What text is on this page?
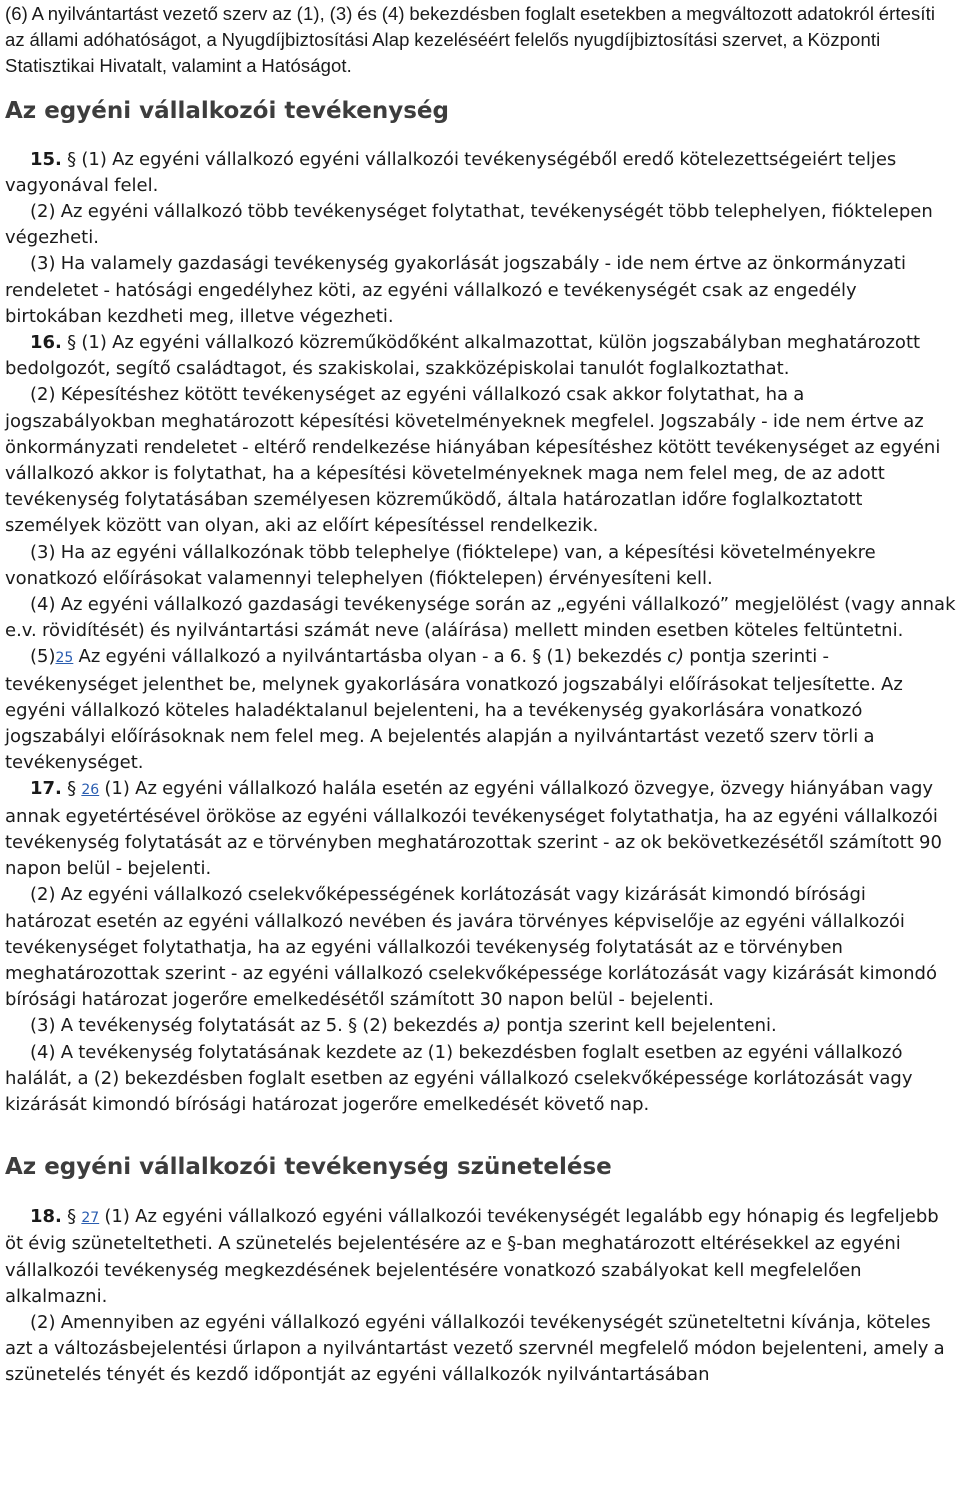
(6) A nyilvántartást vezető szerv az (1), (3) és (4) bekezdésben foglalt esetekben a megváltozott adatokról értesíti az állami adóhatóságot, a Nyugdíjbiztosítási Alap kezeléséért felelős nyugdíjbiztosítási szervet, a Központi Statisztikai Hivatalt, valamint a Hatóságot.

Az egyéni vállalkozói tevékenység

15. § (1) Az egyéni vállalkozó egyéni vállalkozói tevékenységéből eredő kötelezettségeiért teljes vagyonával felel.

(2) Az egyéni vállalkozó több tevékenységet folytathat, tevékenységét több telephelyen, fióktelepen végezheti.

(3) Ha valamely gazdasági tevékenység gyakorlását jogszabály - ide nem értve az önkormányzati rendeletet - hatósági engedélyhez köti, az egyéni vállalkozó e tevékenységét csak az engedély birtokában kezdheti meg, illetve végezheti.

16. § (1) Az egyéni vállalkozó közreműködőként alkalmazottat, külön jogszabályban meghatározott bedolgozót, segítő családtagot, és szakiskolai, szakközépiskolai tanulót foglalkoztathat.

(2) Képesítéshez kötött tevékenységet az egyéni vállalkozó csak akkor folytathat, ha a jogszabályokban meghatározott képesítési követelményeknek megfelel. Jogszabály - ide nem értve az önkormányzati rendeletet - eltérő rendelkezése hiányában képesítéshez kötött tevékenységet az egyéni vállalkozó akkor is folytathat, ha a képesítési követelményeknek maga nem felel meg, de az adott tevékenység folytatásában személyesen közreműködő, általa határozatlan időre foglalkoztatott személyek között van olyan, aki az előírt képesítéssel rendelkezik.

(3) Ha az egyéni vállalkozónak több telephelye (fióktelepe) van, a képesítési követelményekre vonatkozó előírásokat valamennyi telephelyen (fióktelepen) érvényesíteni kell.

(4) Az egyéni vállalkozó gazdasági tevékenysége során az „egyéni vállalkozó” megjelölést (vagy annak e.v. rövidítését) és nyilvántartási számát neve (aláírása) mellett minden esetben köteles feltüntetni.

(5)25 Az egyéni vállalkozó a nyilvántartásba olyan - a 6. § (1) bekezdés c) pontja szerinti - tevékenységet jelenthet be, melynek gyakorlására vonatkozó jogszabályi előírásokat teljesítette. Az egyéni vállalkozó köteles haladéktalanul bejelenteni, ha a tevékenység gyakorlására vonatkozó jogszabályi előírásoknak nem felel meg. A bejelentés alapján a nyilvántartást vezető szerv törli a tevékenységet.

17. § 26 (1) Az egyéni vállalkozó halála esetén az egyéni vállalkozó özvegye, özvegy hiányában vagy annak egyetértésével örököse az egyéni vállalkozói tevékenységet folytathatja, ha az egyéni vállalkozói tevékenység folytatását az e törvényben meghatározottak szerint - az ok bekövetkezésétől számított 90 napon belül - bejelenti.

(2) Az egyéni vállalkozó cselekvőképességének korlátozását vagy kizárását kimondó bírósági határozat esetén az egyéni vállalkozó nevében és javára törvényes képviselője az egyéni vállalkozói tevékenységet folytathatja, ha az egyéni vállalkozói tevékenység folytatását az e törvényben meghatározottak szerint - az egyéni vállalkozó cselekvőképessége korlátozását vagy kizárását kimondó bírósági határozat jogerőre emelkedésétől számított 30 napon belül - bejelenti.

(3) A tevékenység folytatását az 5. § (2) bekezdés a) pontja szerint kell bejelenteni.

(4) A tevékenység folytatásának kezdete az (1) bekezdésben foglalt esetben az egyéni vállalkozó halálát, a (2) bekezdésben foglalt esetben az egyéni vállalkozó cselekvőképessége korlátozását vagy kizárását kimondó bírósági határozat jogerőre emelkedését követő nap.

Az egyéni vállalkozói tevékenység szünetelése

18. § 27 (1) Az egyéni vállalkozó egyéni vállalkozói tevékenységét legalább egy hónapig és legfeljebb öt évig szüneteltetheti. A szünetelés bejelentésére az e §-ban meghatározott eltérésekkel az egyéni vállalkozói tevékenység megkezdésének bejelentésére vonatkozó szabályokat kell megfelelően alkalmazni.

(2) Amennyiben az egyéni vállalkozó egyéni vállalkozói tevékenységét szüneteltetni kívánja, köteles azt a változásbejelentési űrlapon a nyilvántartást vezető szervnél megfelelő módon bejelenteni, amely a szünetelés tényét és kezdő időpontját az egyéni vállalkozók nyilvántartásában
